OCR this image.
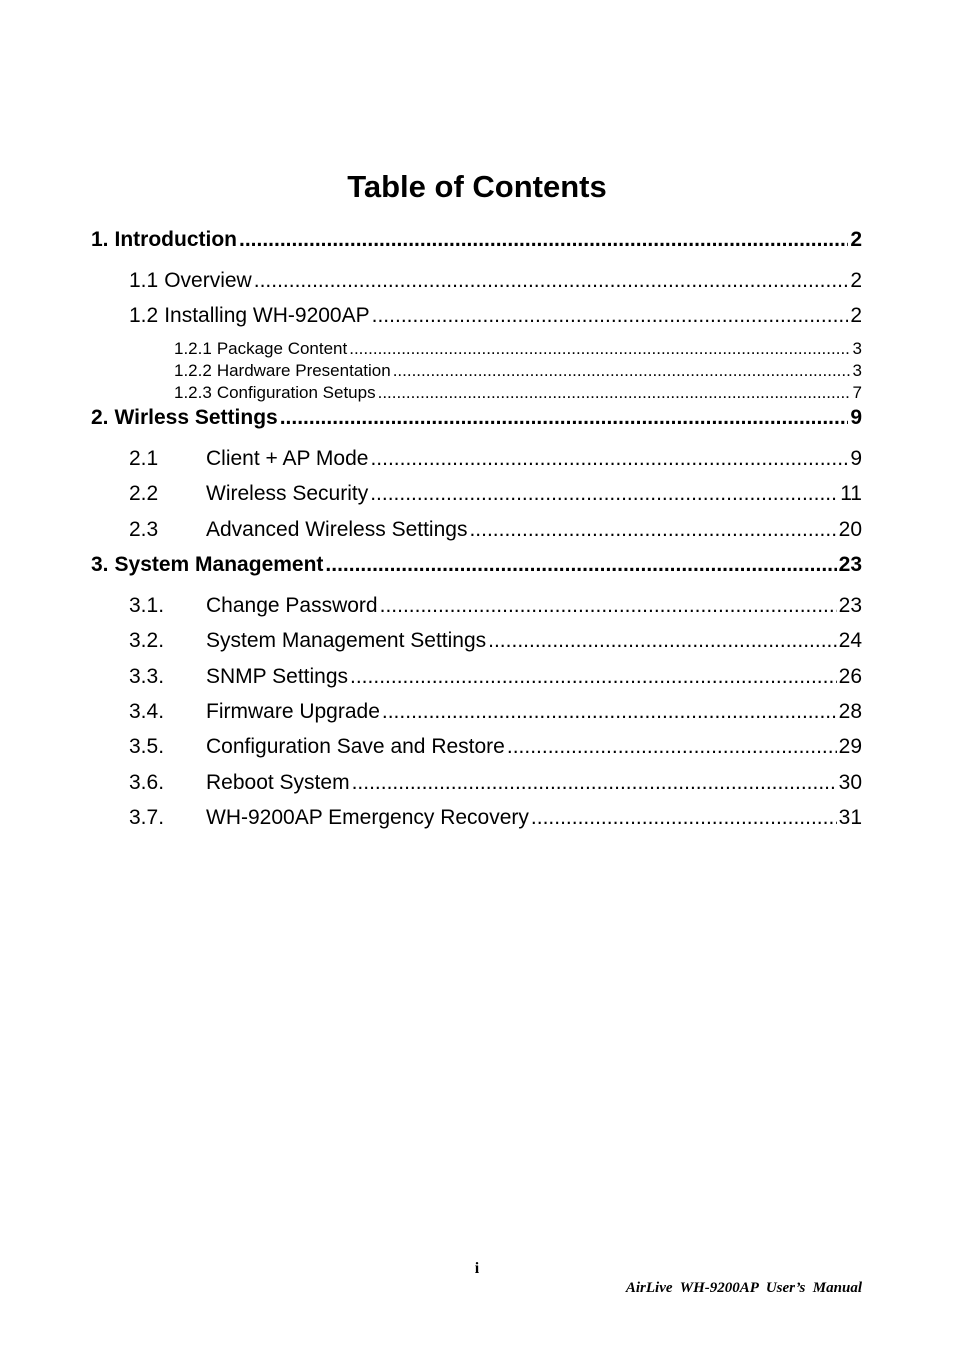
Table of Contents
1. Introduction .....	2
1.1 Overview .....	2
1.2 Installing WH-9200AP .....	2
1.2.1 Package Content .....	3
1.2.2 Hardware Presentation .....	3
1.2.3 Configuration Setups .....	7
2. Wirless Settings .....	9
2.1	Client + AP Mode .....	9
2.2	Wireless Security .....	11
2.3	Advanced Wireless Settings .....	20
3. System Management .....	23
3.1.	Change Password .....	23
3.2.	System Management Settings .....	24
3.3.	SNMP Settings .....	26
3.4.	Firmware Upgrade .....	28
3.5.	Configuration Save and Restore .....	29
3.6.	Reboot System .....	30
3.7.	WH-9200AP Emergency Recovery .....	31
i
AirLive  WH-9200AP  User’s  Manual
